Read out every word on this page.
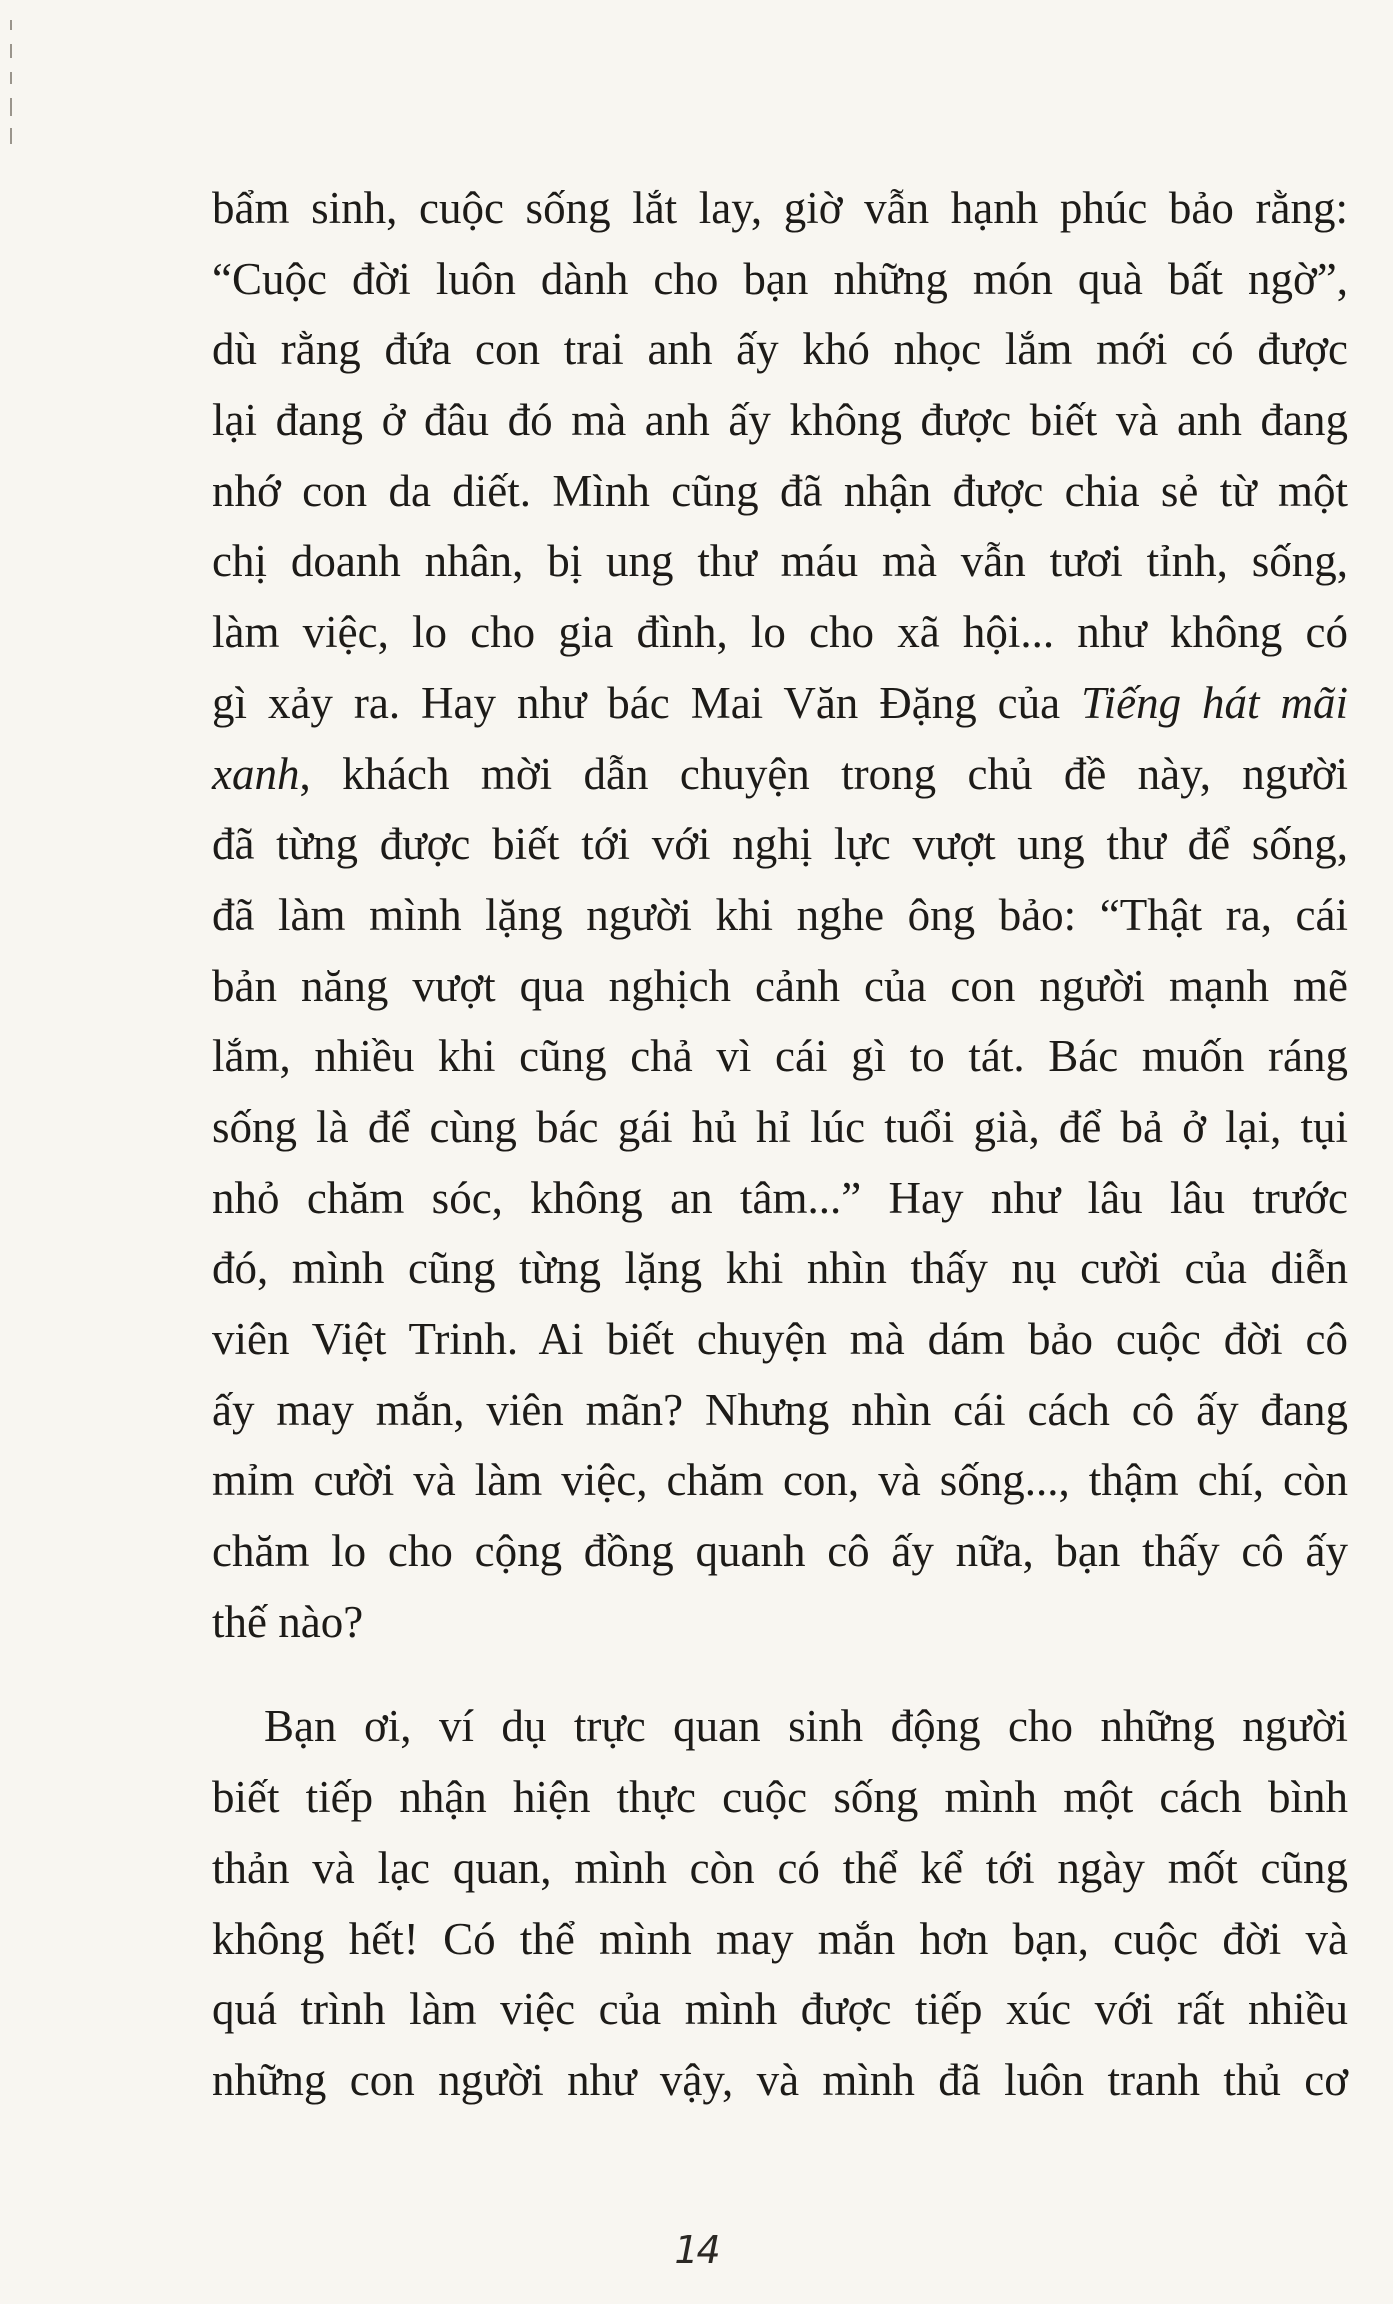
bẩm sinh, cuộc sống lắt lay, giờ vẫn hạnh phúc bảo rằng:
“Cuộc đời luôn dành cho bạn những món quà bất ngờ”,
dù rằng đứa con trai anh ấy khó nhọc lắm mới có được
lại đang ở đâu đó mà anh ấy không được biết và anh đang
nhớ con da diết. Mình cũng đã nhận được chia sẻ từ một
chị doanh nhân, bị ung thư máu mà vẫn tươi tỉnh, sống,
làm việc, lo cho gia đình, lo cho xã hội... như không có
gì xảy ra. Hay như bác Mai Văn Đặng của Tiếng hát mãi
xanh, khách mời dẫn chuyện trong chủ đề này, người
đã từng được biết tới với nghị lực vượt ung thư để sống,
đã làm mình lặng người khi nghe ông bảo: “Thật ra, cái
bản năng vượt qua nghịch cảnh của con người mạnh mẽ
lắm, nhiều khi cũng chả vì cái gì to tát. Bác muốn ráng
sống là để cùng bác gái hủ hỉ lúc tuổi già, để bả ở lại, tụi
nhỏ chăm sóc, không an tâm...” Hay như lâu lâu trước
đó, mình cũng từng lặng khi nhìn thấy nụ cười của diễn
viên Việt Trinh. Ai biết chuyện mà dám bảo cuộc đời cô
ấy may mắn, viên mãn? Nhưng nhìn cái cách cô ấy đang
mỉm cười và làm việc, chăm con, và sống..., thậm chí, còn
chăm lo cho cộng đồng quanh cô ấy nữa, bạn thấy cô ấy
thế nào?
Bạn ơi, ví dụ trực quan sinh động cho những người
biết tiếp nhận hiện thực cuộc sống mình một cách bình
thản và lạc quan, mình còn có thể kể tới ngày mốt cũng
không hết! Có thể mình may mắn hơn bạn, cuộc đời và
quá trình làm việc của mình được tiếp xúc với rất nhiều
những con người như vậy, và mình đã luôn tranh thủ cơ
14
